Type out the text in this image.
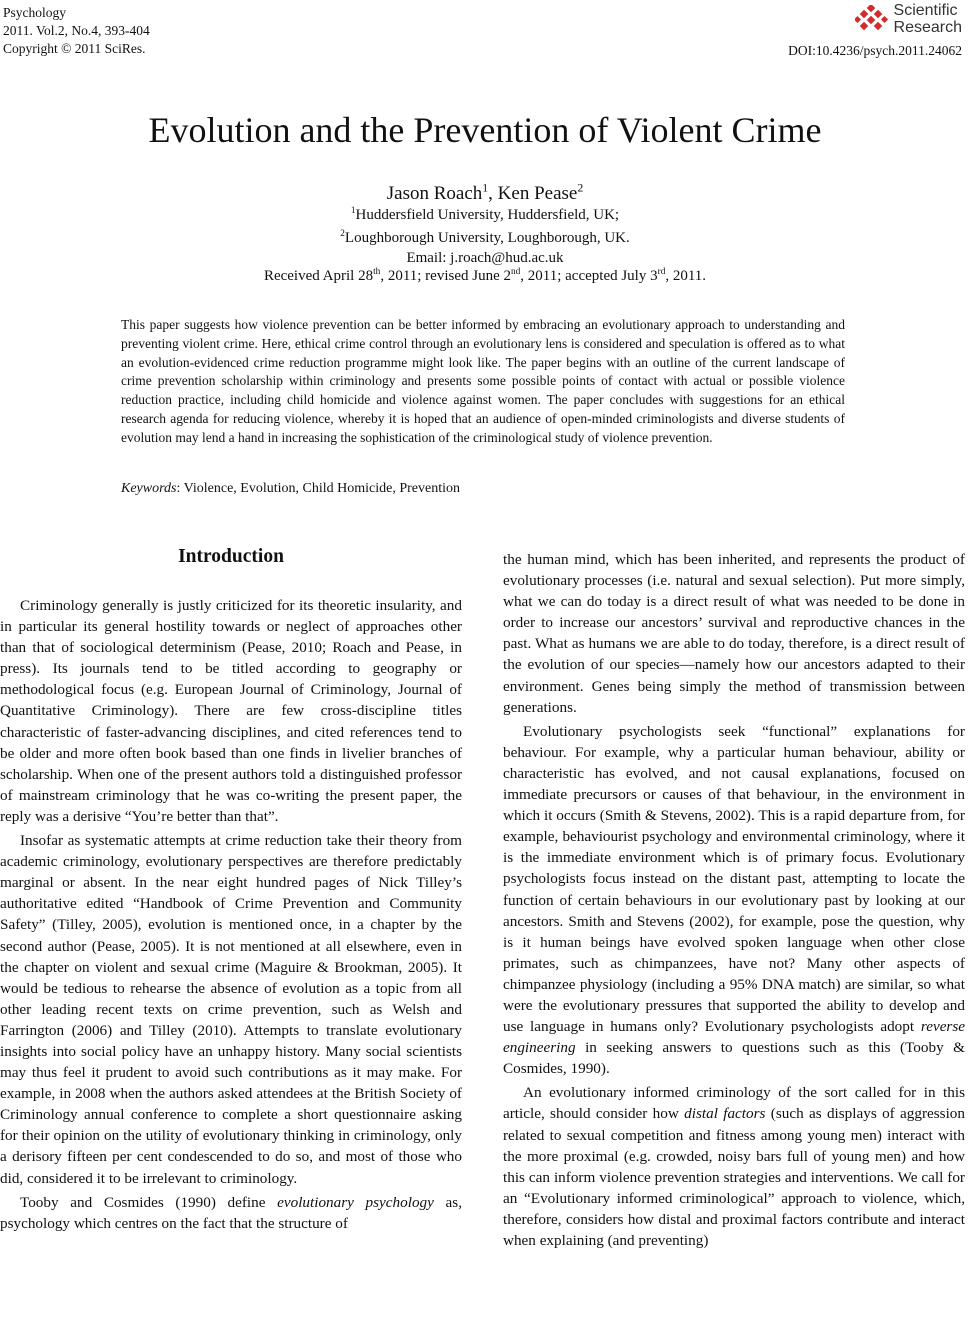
Psychology
2011. Vol.2, No.4, 393-404
Copyright © 2011 SciRes.
Scientific
Research
DOI:10.4236/psych.2011.24062
Evolution and the Prevention of Violent Crime
Jason Roach$^1$, Ken Pease$^2$
$^1$Huddersfield University, Huddersfield, UK;
$^2$Loughborough University, Loughborough, UK.
Email: j.roach@hud.ac.uk
Received April 28th, 2011; revised June 2nd, 2011; accepted July 3rd, 2011.
This paper suggests how violence prevention can be better informed by embracing an evolutionary approach to understanding and preventing violent crime. Here, ethical crime control through an evolutionary lens is considered and speculation is offered as to what an evolution-evidenced crime reduction programme might look like. The paper begins with an outline of the current landscape of crime prevention scholarship within criminology and presents some possible points of contact with actual or possible violence reduction practice, including child homicide and violence against women. The paper concludes with suggestions for an ethical research agenda for reducing violence, whereby it is hoped that an audience of open-minded criminologists and diverse students of evolution may lend a hand in increasing the sophistication of the criminological study of violence prevention.
Keywords: Violence, Evolution, Child Homicide, Prevention
Introduction

Criminology generally is justly criticized for its theoretic insularity, and in particular its general hostility towards or neglect of approaches other than that of sociological determinism (Pease, 2010; Roach and Pease, in press). Its journals tend to be titled according to geography or methodological focus (e.g. European Journal of Criminology, Journal of Quantitative Criminology). There are few cross-discipline titles characteristic of faster-advancing disciplines, and cited references tend to be older and more often book based than one finds in livelier branches of scholarship. When one of the present authors told a distinguished professor of mainstream criminology that he was co-writing the present paper, the reply was a derisive “You’re better than that”.

Insofar as systematic attempts at crime reduction take their theory from academic criminology, evolutionary perspectives are therefore predictably marginal or absent. In the near eight hundred pages of Nick Tilley’s authoritative edited “Handbook of Crime Prevention and Community Safety” (Tilley, 2005), evolution is mentioned once, in a chapter by the second author (Pease, 2005). It is not mentioned at all elsewhere, even in the chapter on violent and sexual crime (Maguire & Brookman, 2005). It would be tedious to rehearse the absence of evolution as a topic from all other leading recent texts on crime prevention, such as Welsh and Farrington (2006) and Tilley (2010). Attempts to translate evolutionary insights into social policy have an unhappy history. Many social scientists may thus feel it prudent to avoid such contributions as it may make. For example, in 2008 when the authors asked attendees at the British Society of Criminology annual conference to complete a short questionnaire asking for their opinion on the utility of evolutionary thinking in criminology, only a derisory fifteen per cent condescended to do so, and most of those who did, considered it to be irrelevant to criminology.

Tooby and Cosmides (1990) define evolutionary psychology as, psychology which centres on the fact that the structure of

the human mind, which has been inherited, and represents the product of evolutionary processes (i.e. natural and sexual selection). Put more simply, what we can do today is a direct result of what was needed to be done in order to increase our ancestors’ survival and reproductive chances in the past. What as humans we are able to do today, therefore, is a direct result of the evolution of our species—namely how our ancestors adapted to their environment. Genes being simply the method of transmission between generations.

Evolutionary psychologists seek “functional” explanations for behaviour. For example, why a particular human behaviour, ability or characteristic has evolved, and not causal explanations, focused on immediate precursors or causes of that behaviour, in the environment in which it occurs (Smith & Stevens, 2002). This is a rapid departure from, for example, behaviourist psychology and environmental criminology, where it is the immediate environment which is of primary focus. Evolutionary psychologists focus instead on the distant past, attempting to locate the function of certain behaviours in our evolutionary past by looking at our ancestors. Smith and Stevens (2002), for example, pose the question, why is it human beings have evolved spoken language when other close primates, such as chimpanzees, have not? Many other aspects of chimpanzee physiology (including a 95% DNA match) are similar, so what were the evolutionary pressures that supported the ability to develop and use language in humans only? Evolutionary psychologists adopt reverse engineering in seeking answers to questions such as this (Tooby & Cosmides, 1990).

An evolutionary informed criminology of the sort called for in this article, should consider how distal factors (such as displays of aggression related to sexual competition and fitness among young men) interact with the more proximal (e.g. crowded, noisy bars full of young men) and how this can inform violence prevention strategies and interventions. We call for an “Evolutionary informed criminological” approach to violence, which, therefore, considers how distal and proximal factors contribute and interact when explaining (and preventing)
